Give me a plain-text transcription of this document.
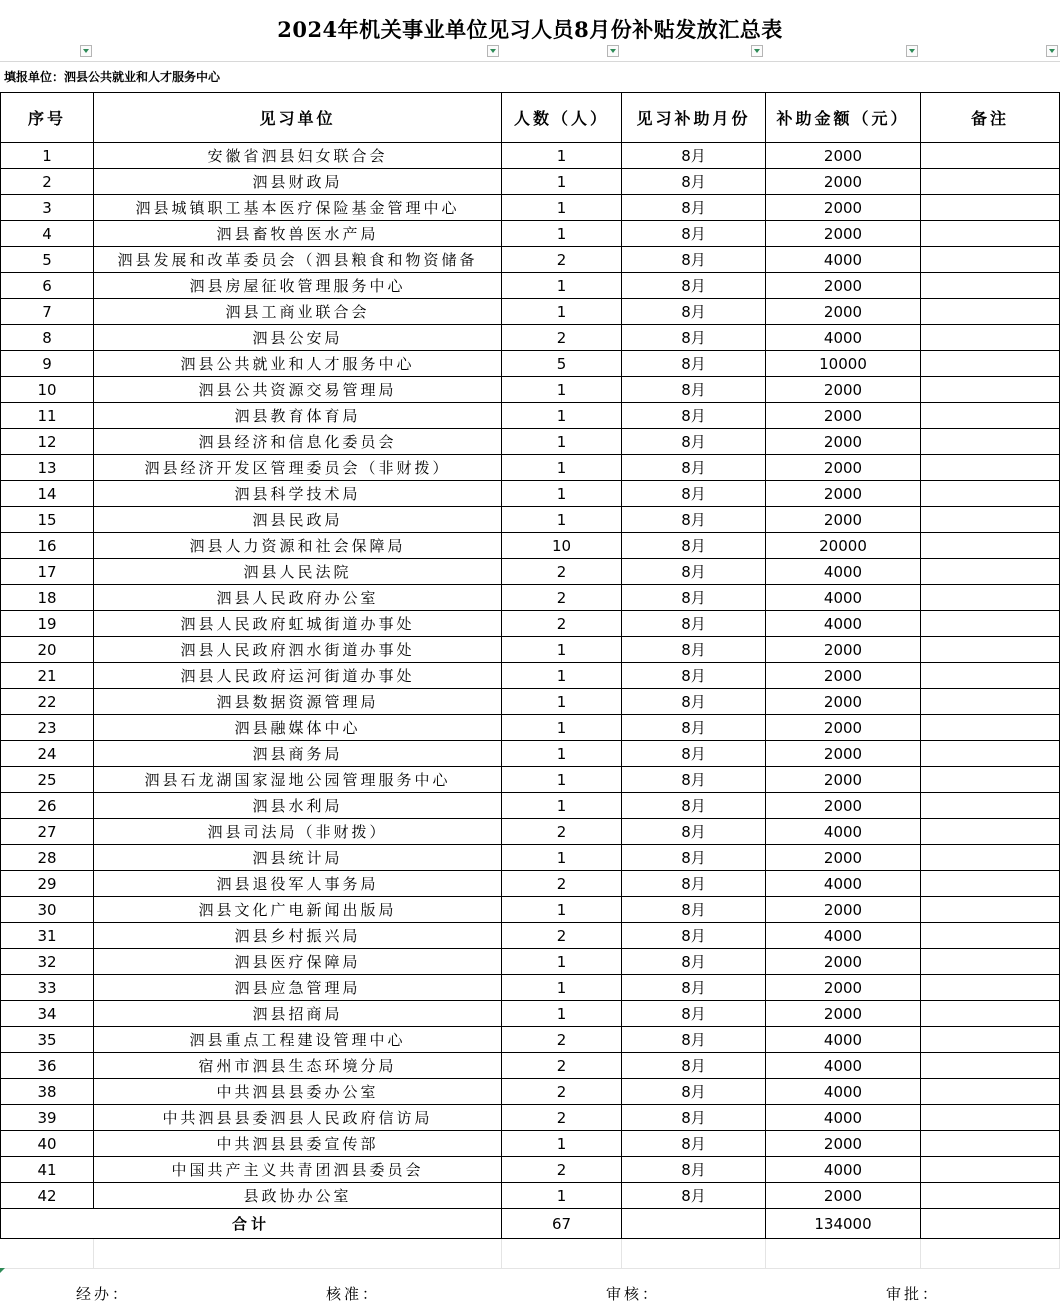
2024年机关事业单位见习人员8月份补贴发放汇总表
填报单位：泗县公共就业和人才服务中心
序号	见习单位	人数（人）	见习补助月份	补助金额（元）	备注
1	安徽省泗县妇女联合会	1	8月	2000	
2	泗县财政局	1	8月	2000	
3	泗县城镇职工基本医疗保险基金管理中心	1	8月	2000	
4	泗县畜牧兽医水产局	1	8月	2000	
5	泗县发展和改革委员会（泗县粮食和物资储备	2	8月	4000	
6	泗县房屋征收管理服务中心	1	8月	2000	
7	泗县工商业联合会	1	8月	2000	
8	泗县公安局	2	8月	4000	
9	泗县公共就业和人才服务中心	5	8月	10000	
10	泗县公共资源交易管理局	1	8月	2000	
11	泗县教育体育局	1	8月	2000	
12	泗县经济和信息化委员会	1	8月	2000	
13	泗县经济开发区管理委员会（非财拨）	1	8月	2000	
14	泗县科学技术局	1	8月	2000	
15	泗县民政局	1	8月	2000	
16	泗县人力资源和社会保障局	10	8月	20000	
17	泗县人民法院	2	8月	4000	
18	泗县人民政府办公室	2	8月	4000	
19	泗县人民政府虹城街道办事处	2	8月	4000	
20	泗县人民政府泗水街道办事处	1	8月	2000	
21	泗县人民政府运河街道办事处	1	8月	2000	
22	泗县数据资源管理局	1	8月	2000	
23	泗县融媒体中心	1	8月	2000	
24	泗县商务局	1	8月	2000	
25	泗县石龙湖国家湿地公园管理服务中心	1	8月	2000	
26	泗县水利局	1	8月	2000	
27	泗县司法局（非财拨）	2	8月	4000	
28	泗县统计局	1	8月	2000	
29	泗县退役军人事务局	2	8月	4000	
30	泗县文化广电新闻出版局	1	8月	2000	
31	泗县乡村振兴局	2	8月	4000	
32	泗县医疗保障局	1	8月	2000	
33	泗县应急管理局	1	8月	2000	
34	泗县招商局	1	8月	2000	
35	泗县重点工程建设管理中心	2	8月	4000	
36	宿州市泗县生态环境分局	2	8月	4000	
38	中共泗县县委办公室	2	8月	4000	
39	中共泗县县委泗县人民政府信访局	2	8月	4000	
40	中共泗县县委宣传部	1	8月	2000	
41	中国共产主义共青团泗县委员会	2	8月	4000	
42	县政协办公室	1	8月	2000	
合计		67		134000	
经办：	核准：	审核：	审批：
